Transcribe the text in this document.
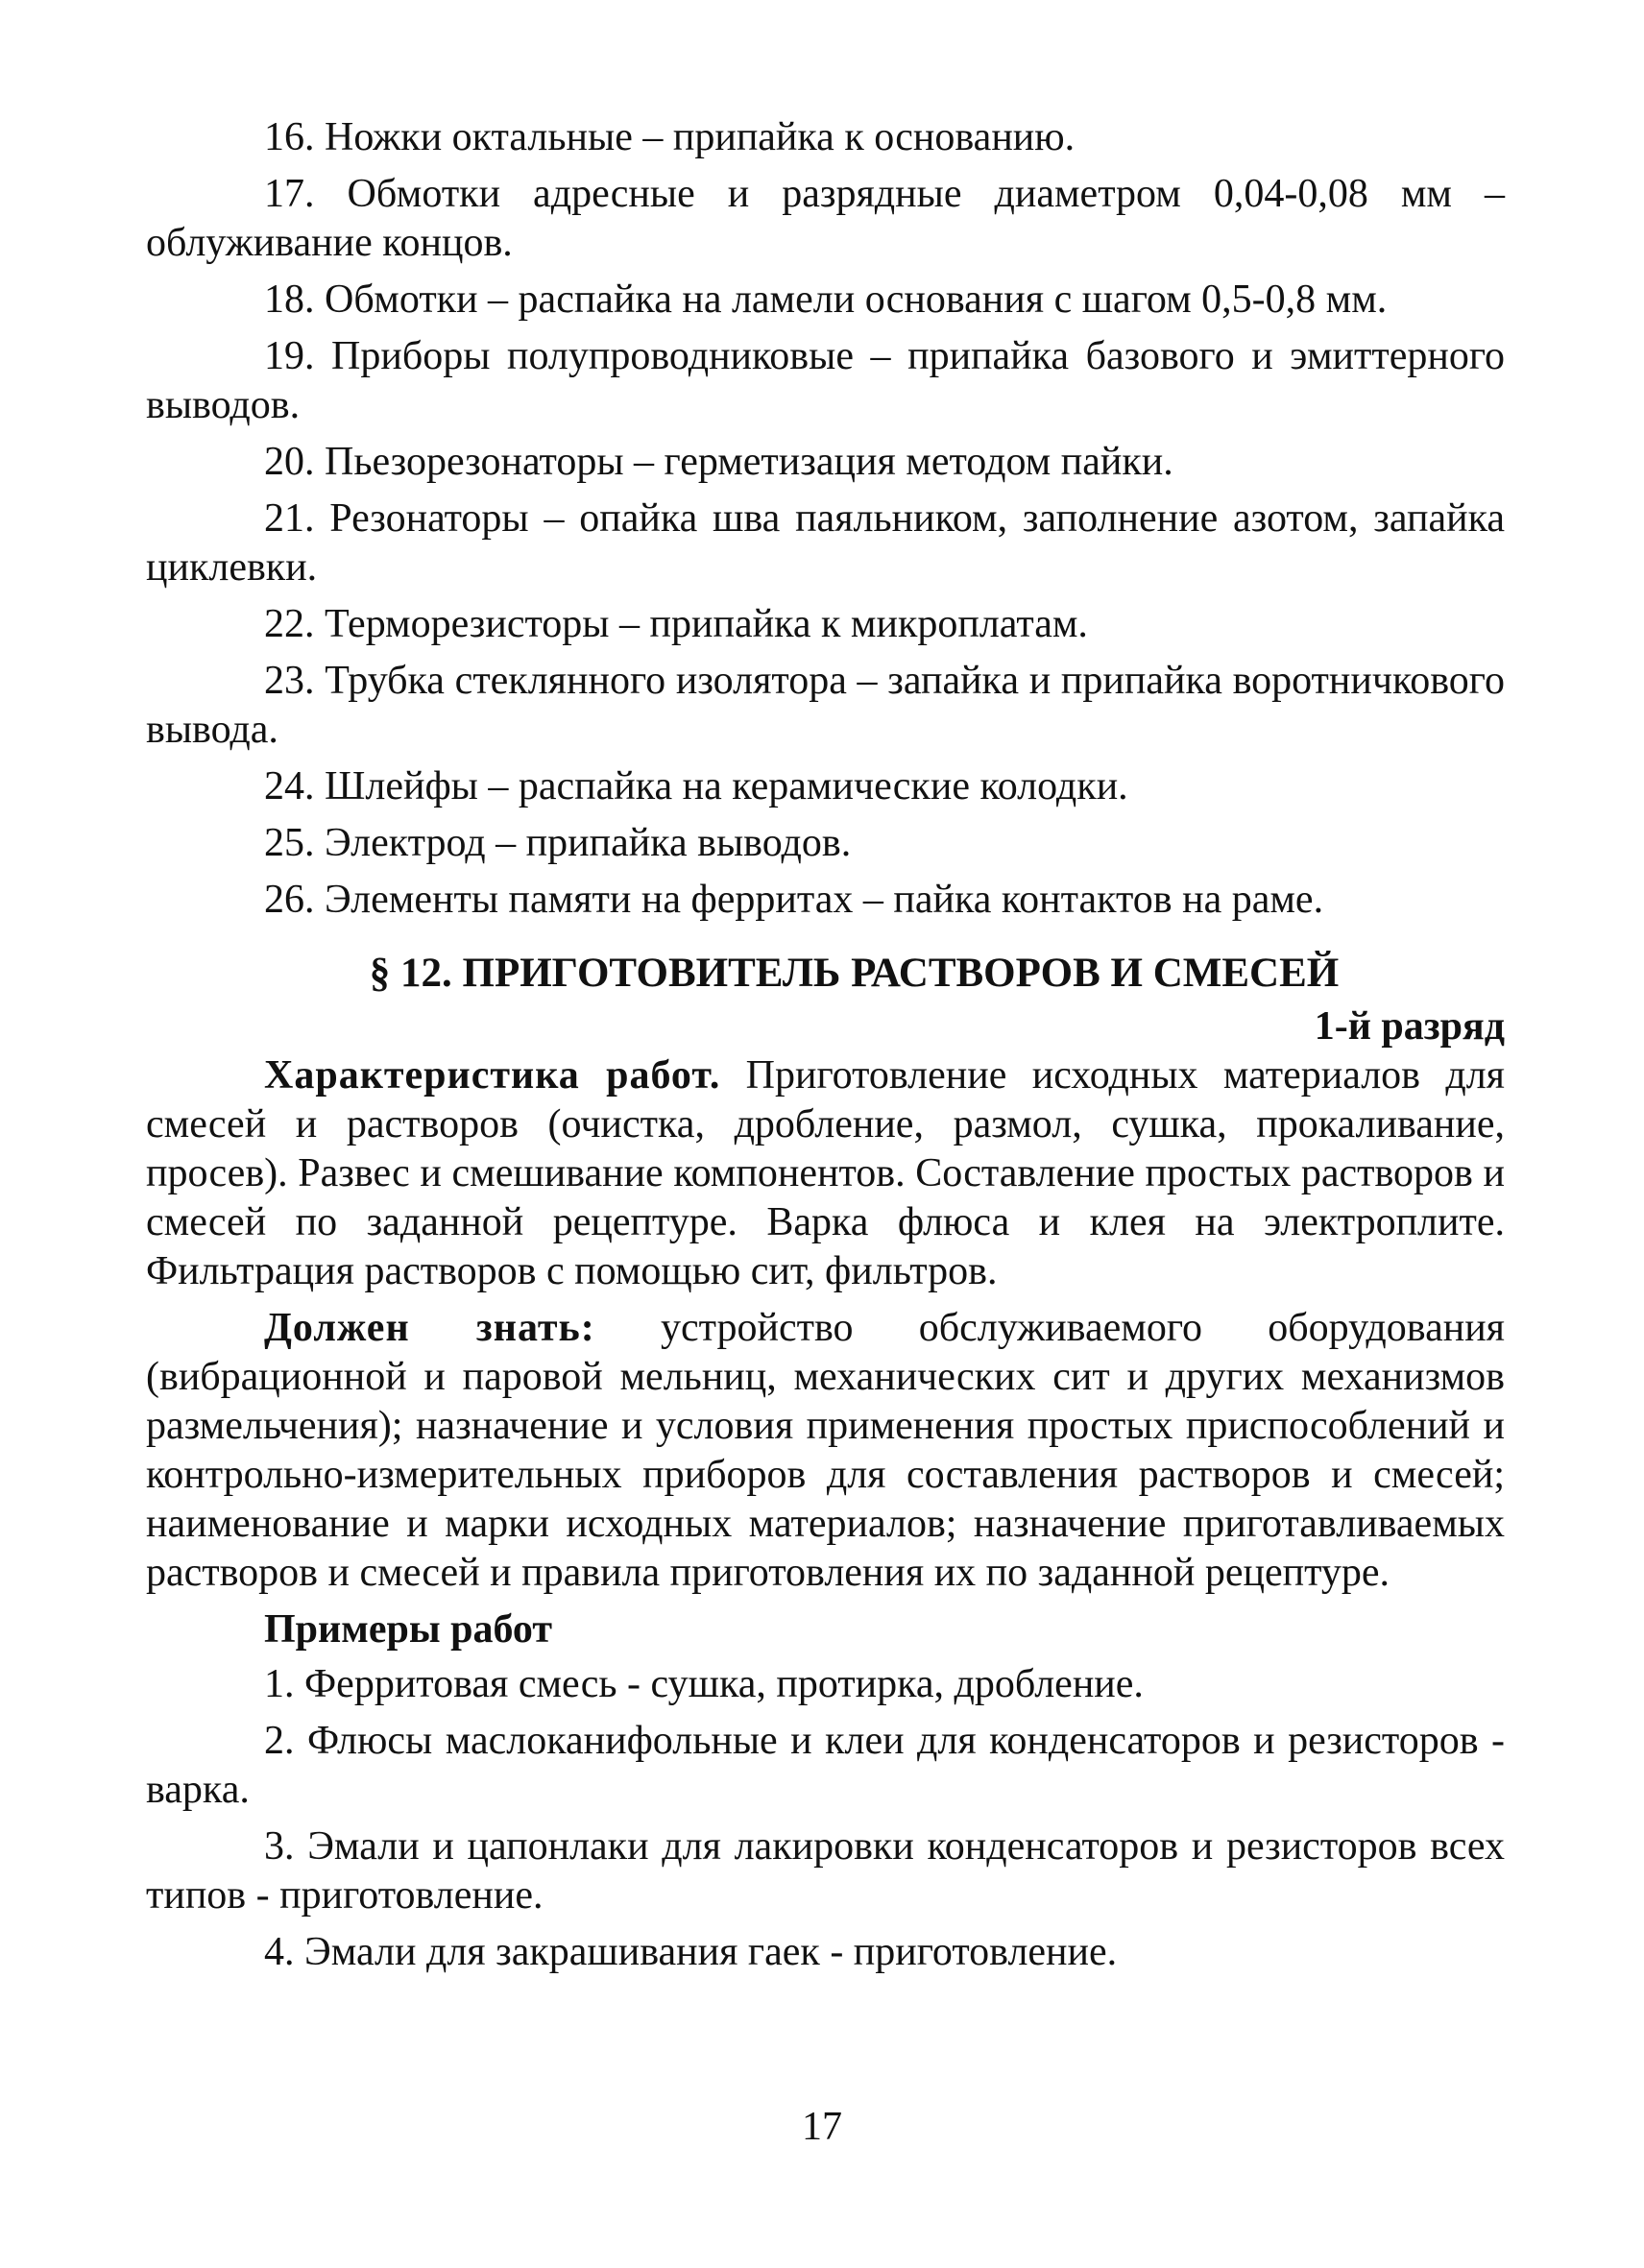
16. Ножки октальные – припайка к основанию.

17. Обмотки адресные и разрядные диаметром 0,04-0,08 мм – облуживание концов.

18. Обмотки – распайка на ламели основания с шагом 0,5-0,8 мм.

19. Приборы полупроводниковые – припайка базового и эмиттерного выводов.

20. Пьезорезонаторы – герметизация методом пайки.

21. Резонаторы – опайка шва паяльником, заполнение азотом, запайка циклевки.

22. Терморезисторы – припайка к микроплатам.

23. Трубка стеклянного изолятора – запайка и припайка воротничкового вывода.

24. Шлейфы – распайка на керамические колодки.

25. Электрод – припайка выводов.

26. Элементы памяти на ферритах – пайка контактов на раме.

§ 12. ПРИГОТОВИТЕЛЬ РАСТВОРОВ И СМЕСЕЙ

1-й разряд

Характеристика работ. Приготовление исходных материалов для смесей и растворов (очистка, дробление, размол, сушка, прокаливание, просев). Развес и смешивание компонентов. Составление простых растворов и смесей по заданной рецептуре. Варка флюса и клея на электроплите. Фильтрация растворов с помощью сит, фильтров.

Должен знать: устройство обслуживаемого оборудования (вибрационной и паровой мельниц, механических сит и других механизмов размельчения); назначение и условия применения простых приспособлений и контрольно-измерительных приборов для составления растворов и смесей; наименование и марки исходных материалов; назначение приготавливаемых растворов и смесей и правила приготовления их по заданной рецептуре.

Примеры работ

1. Ферритовая смесь - сушка, протирка, дробление.

2. Флюсы маслоканифольные и клеи для конденсаторов и резисторов - варка.

3. Эмали и цапонлаки для лакировки конденсаторов и резисторов всех типов - приготовление.

4. Эмали для закрашивания гаек - приготовление.

17
